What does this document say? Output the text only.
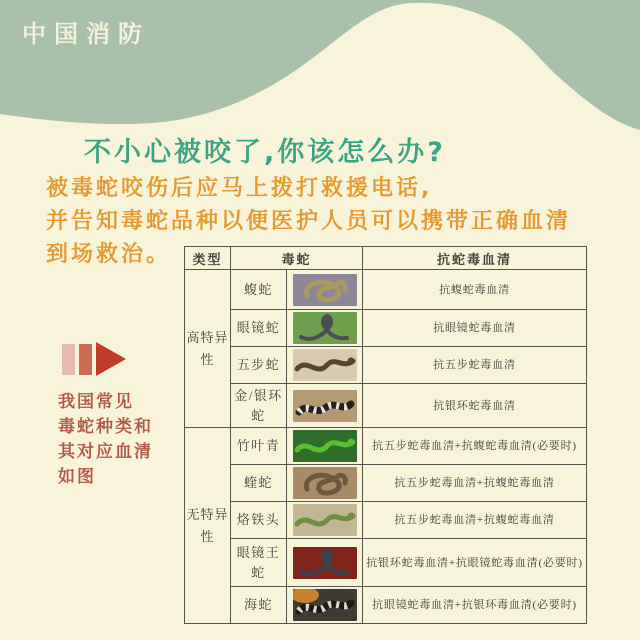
中国消防
不小心被咬了,你该怎么办?
被毒蛇咬伤后应马上拨打救援电话,
并告知毒蛇品种以便医护人员可以携带正确血清
到场救治。
我国常见
毒蛇种类和
其对应血清
如图
类型	毒蛇		抗蛇毒血清
高特异性	蝮蛇		抗蝮蛇毒血清
	眼镜蛇		抗眼镜蛇毒血清
	五步蛇		抗五步蛇毒血清
	金/银环蛇		抗银环蛇毒血清
无特异性	竹叶青		抗五步蛇毒血清+抗蝮蛇毒血清(必要时)
	蝰蛇		抗五步蛇毒血清+抗蝮蛇毒血清
	烙铁头		抗五步蛇毒血清+抗蝮蛇毒血清
	眼镜王蛇		抗银环蛇毒血清+抗眼镜蛇毒血清(必要时)
	海蛇		抗眼镜蛇毒血清+抗银环毒血清(必要时)
